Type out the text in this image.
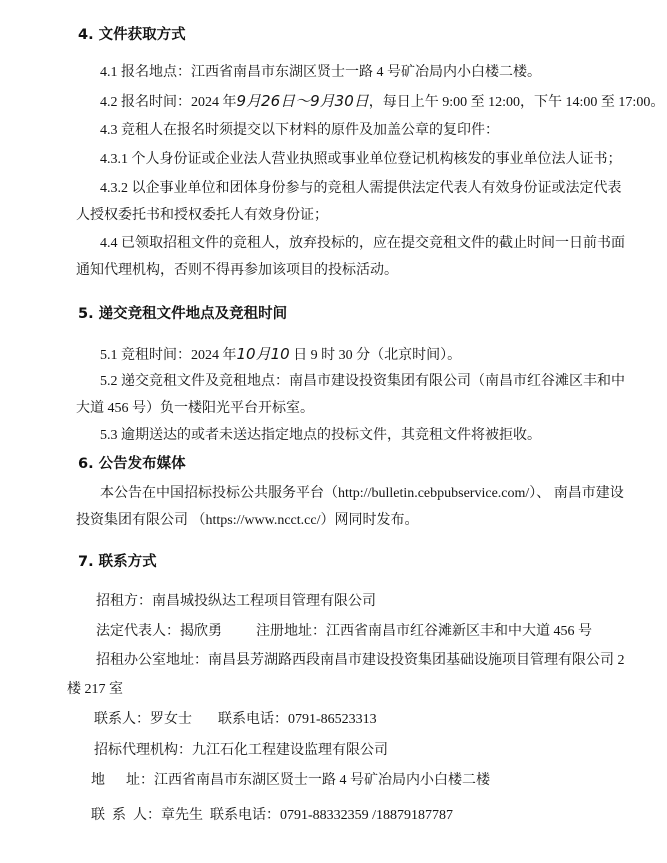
4. 文件获取方式
4.1 报名地点：江西省南昌市东湖区贤士一路 4 号矿冶局内小白楼二楼。
4.2 报名时间：2024 年9月26日～9月30日，每日上午 9:00 至 12:00，下午 14:00 至 17:00。
4.3 竞租人在报名时须提交以下材料的原件及加盖公章的复印件：
4.3.1 个人身份证或企业法人营业执照或事业单位登记机构核发的事业单位法人证书；
4.3.2 以企事业单位和团体身份参与的竞租人需提供法定代表人有效身份证或法定代表
人授权委托书和授权委托人有效身份证；
4.4 已领取招租文件的竞租人，放弃投标的，应在提交竞租文件的截止时间一日前书面
通知代理机构，否则不得再参加该项目的投标活动。
5. 递交竞租文件地点及竞租时间
5.1 竞租时间：2024 年10月10 日 9 时 30 分（北京时间）。
5.2 递交竞租文件及竞租地点：南昌市建设投资集团有限公司（南昌市红谷滩区丰和中
大道 456 号）负一楼阳光平台开标室。
5.3 逾期送达的或者未送达指定地点的投标文件，其竞租文件将被拒收。
6. 公告发布媒体
本公告在中国招标投标公共服务平台（http://bulletin.cebpubservice.com/）、 南昌市建设
投资集团有限公司 （https://www.ncct.cc/）网同时发布。
7. 联系方式
招租方：南昌城投纵达工程项目管理有限公司
法定代表人：揭欣勇 注册地址：江西省南昌市红谷滩新区丰和中大道 456 号
招租办公室地址：南昌县芳湖路西段南昌市建设投资集团基础设施项目管理有限公司 2
楼 217 室
联系人：罗女士 联系电话：0791-86523313
招标代理机构：九江石化工程建设监理有限公司
地      址：江西省南昌市东湖区贤士一路 4 号矿冶局内小白楼二楼
联  系  人：章先生 联系电话：0791-88332359 /18879187787
